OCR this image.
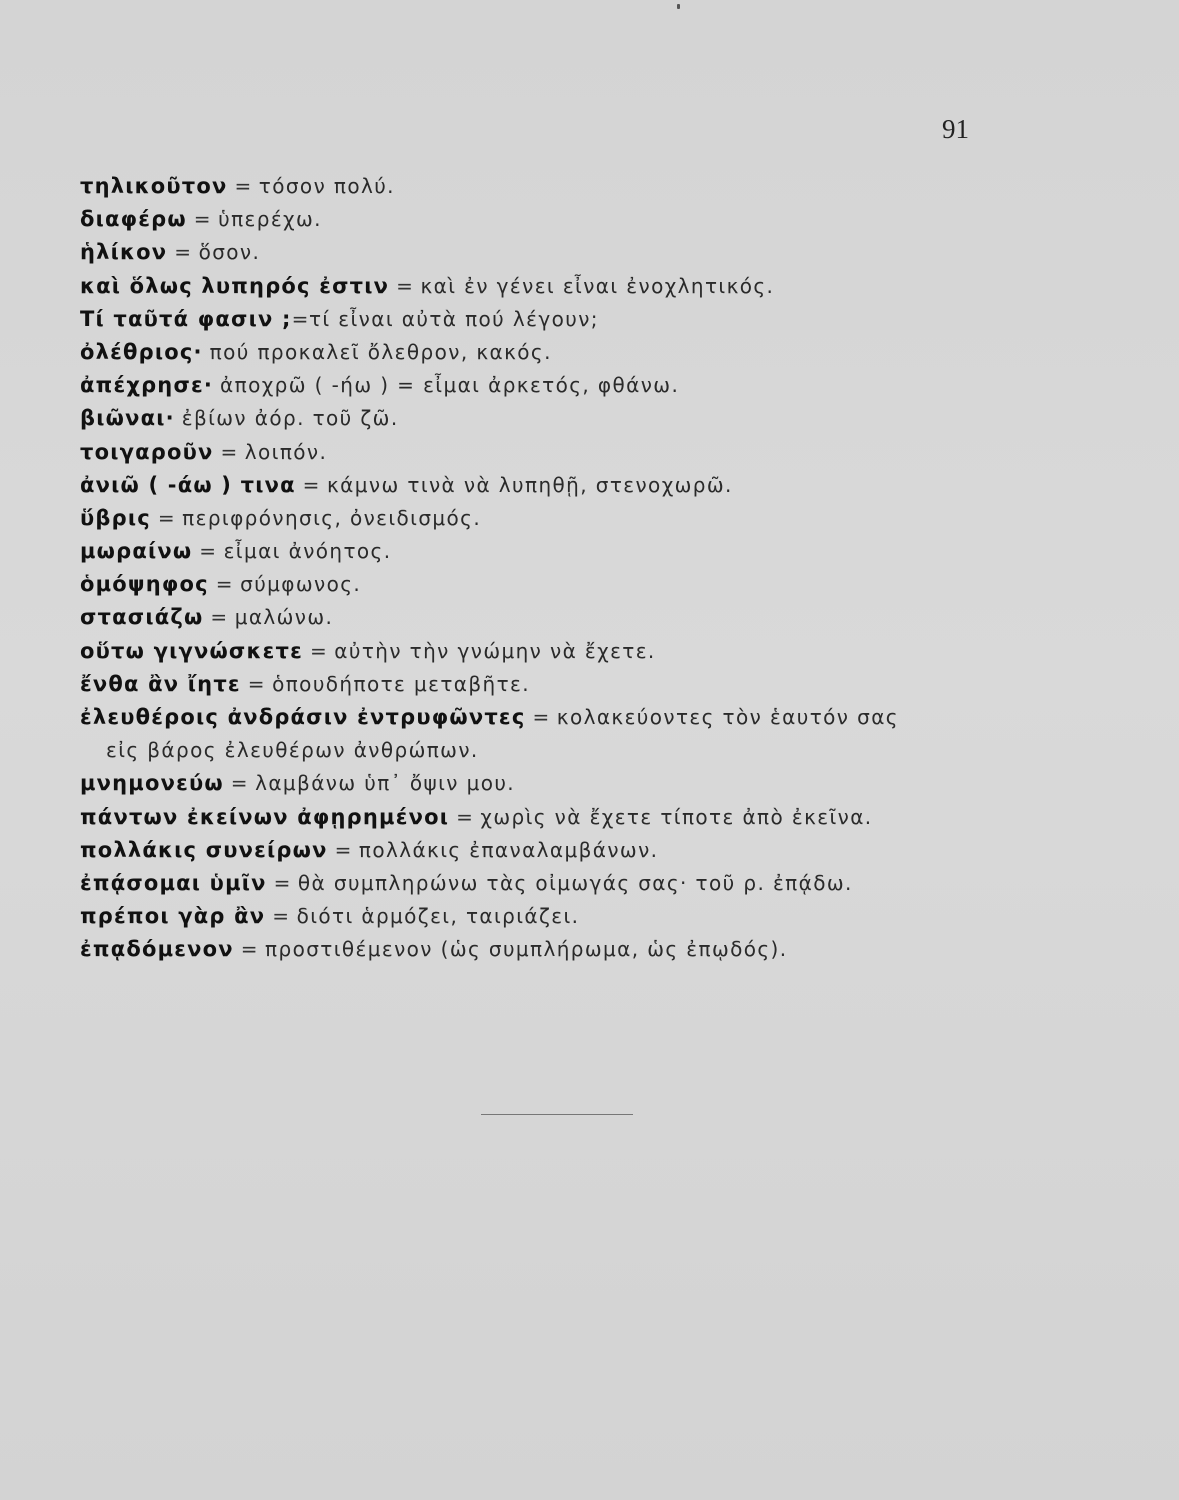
91
τηλικοῦτον = τόσον πολύ.
διαφέρω = ὑπερέχω.
ἡλίκον = ὅσον.
καὶ ὅλως λυπηρός ἐστιν = καὶ ἐν γένει εἶναι ἐνοχλητικός.
Τί ταῦτά φασιν ;=τί εἶναι αὐτὰ πού λέγουν;
ὀλέθριος· πού προκαλεῖ ὄλεθρον, κακός.
ἀπέχρησε· ἀποχρῶ ( -ήω ) = εἶμαι ἀρκετός, φθάνω.
βιῶναι· ἐβίων ἀόρ. τοῦ ζῶ.
τοιγαροῦν = λοιπόν.
ἀνιῶ ( -άω ) τινα = κάμνω τινὰ νὰ λυπηθῇ, στενοχωρῶ.
ὕβρις = περιφρόνησις, ὀνειδισμός.
μωραίνω = εἶμαι ἀνόητος.
ὁμόψηφος = σύμφωνος.
στασιάζω = μαλώνω.
οὕτω γιγνώσκετε = αὐτὴν τὴν γνώμην νὰ ἔχετε.
ἔνθα ἂν ἴητε = ὁπουδήποτε μεταβῆτε.
ἐλευθέροις ἀνδράσιν ἐντρυφῶντες = κολακεύοντες τὸν ἑαυτόν σας
εἰς βάρος ἐλευθέρων ἀνθρώπων.
μνημονεύω = λαμβάνω ὑπ᾽ ὄψιν μου.
πάντων ἐκείνων ἀφῃρημένοι = χωρὶς νὰ ἔχετε τίποτε ἀπὸ ἐκεῖνα.
πολλάκις συνείρων = πολλάκις ἐπαναλαμβάνων.
ἐπᾴσομαι ὑμῖν = θὰ συμπληρώνω τὰς οἰμωγάς σας· τοῦ ρ. ἐπᾴδω.
πρέποι γὰρ ἂν = διότι ἁρμόζει, ταιριάζει.
ἐπᾳδόμενον = προστιθέμενον (ὡς συμπλήρωμα, ὡς ἐπῳδός).
